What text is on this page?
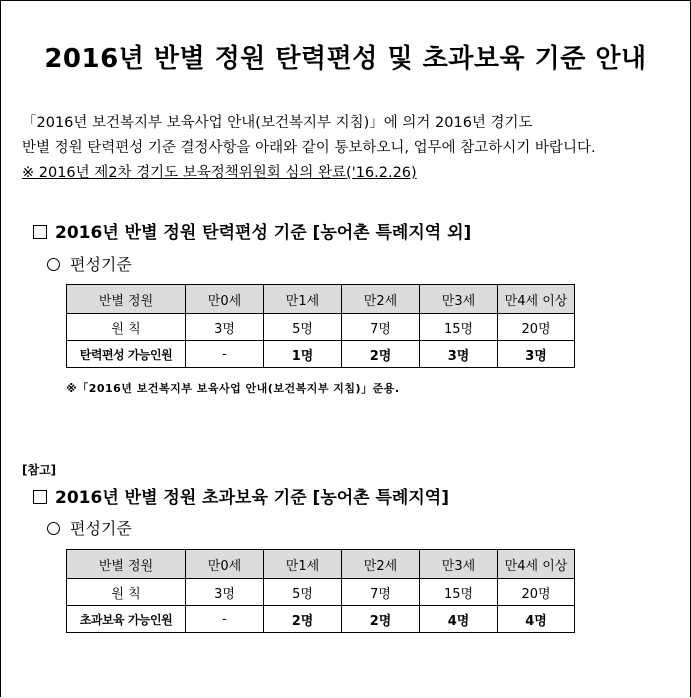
2016년 반별 정원 탄력편성 및 초과보육 기준 안내
「2016년 보건복지부 보육사업 안내(보건복지부 지침)」에 의거 2016년 경기도
반별 정원 탄력편성 기준 결정사항을 아래와 같이 통보하오니, 업무에 참고하시기 바랍니다.
※ 2016년 제2차 경기도 보육정책위원회 심의 완료('16.2.26)
2016년 반별 정원 탄력편성 기준 [농어촌 특례지역 외]
편성기준
반별 정원	만0세	만1세	만2세	만3세	만4세 이상
원 칙	3명	5명	7명	15명	20명
탄력편성 가능인원	-	1명	2명	3명	3명
※「2016년 보건복지부 보육사업 안내(보건복지부 지침)」준용.
[참고]
2016년 반별 정원 초과보육 기준 [농어촌 특례지역]
편성기준
반별 정원	만0세	만1세	만2세	만3세	만4세 이상
원 칙	3명	5명	7명	15명	20명
초과보육 가능인원	-	2명	2명	4명	4명
